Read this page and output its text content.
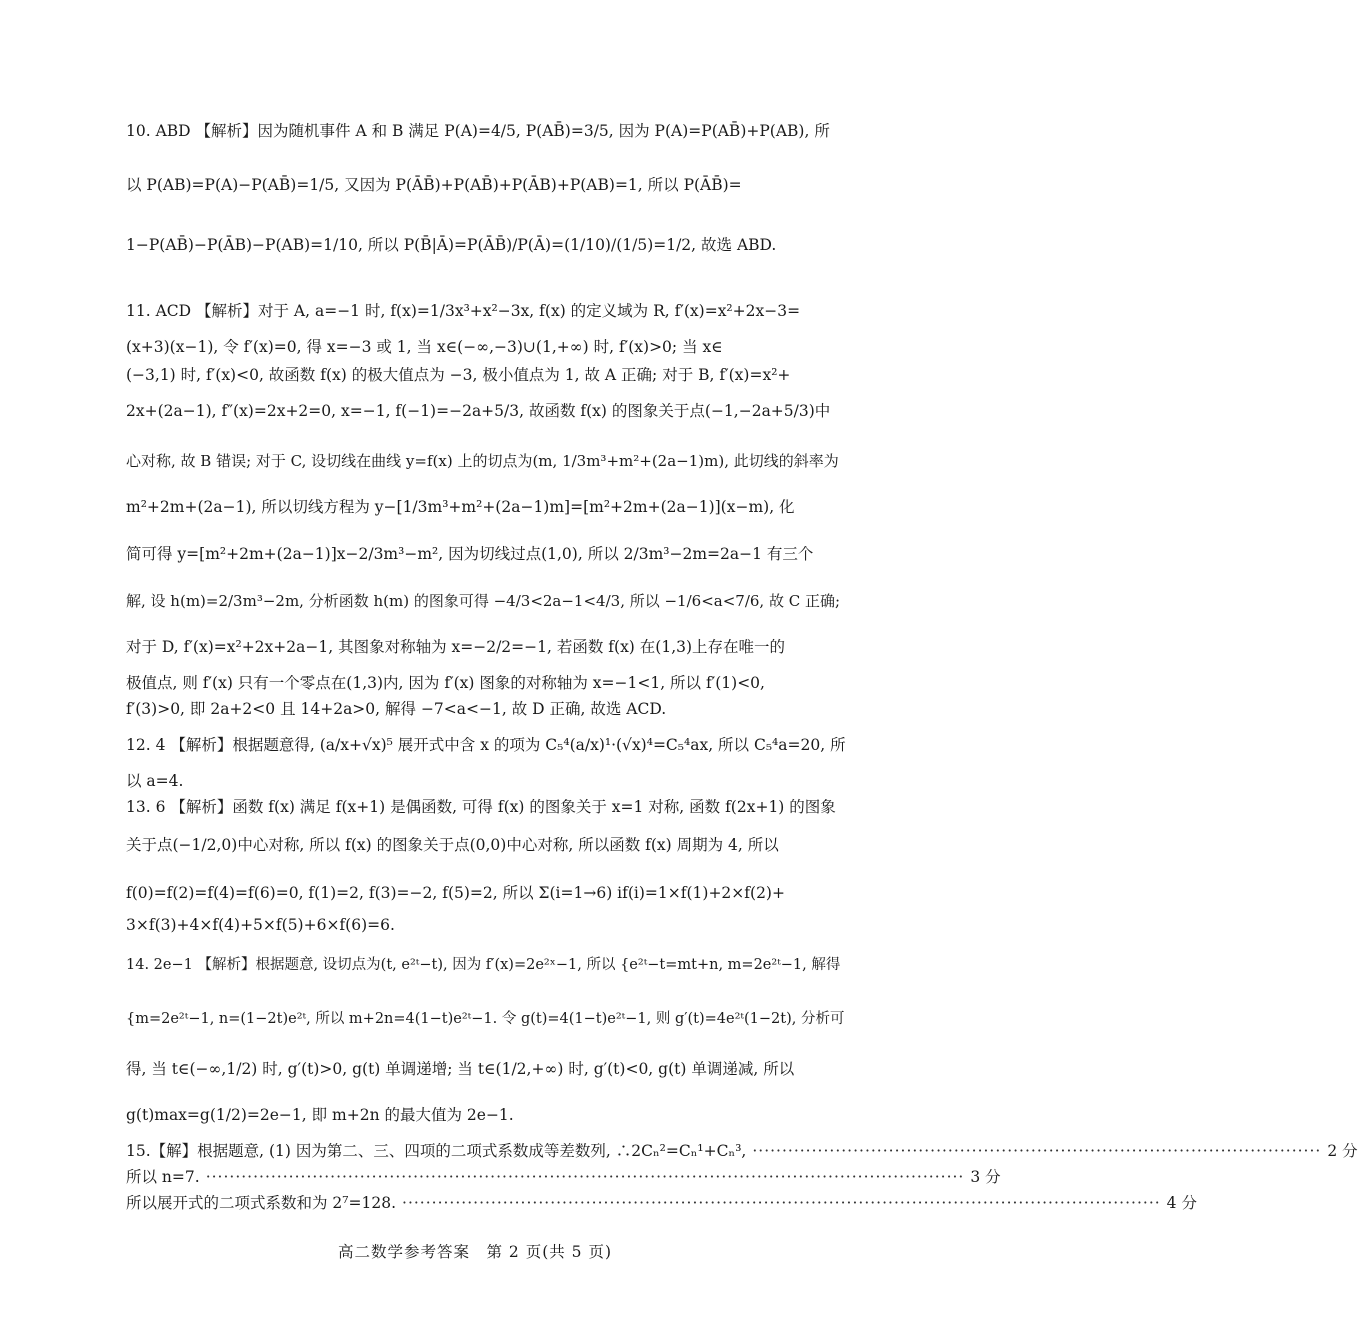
10. ABD 【解析】因为随机事件 A 和 B 满足 P(A)=4/5, P(AB̄)=3/5, 因为 P(A)=P(AB̄)+P(AB), 所
以 P(AB)=P(A)−P(AB̄)=1/5, 又因为 P(ĀB̄)+P(AB̄)+P(ĀB)+P(AB)=1, 所以 P(ĀB̄)=
1−P(AB̄)−P(ĀB)−P(AB)=1/10, 所以 P(B̄|Ā)=P(ĀB̄)/P(Ā)=(1/10)/(1/5)=1/2, 故选 ABD.
11. ACD 【解析】对于 A, a=−1 时, f(x)=1/3x³+x²−3x, f(x) 的定义域为 R, f′(x)=x²+2x−3=
(x+3)(x−1), 令 f′(x)=0, 得 x=−3 或 1, 当 x∈(−∞,−3)∪(1,+∞) 时, f′(x)>0; 当 x∈
(−3,1) 时, f′(x)<0, 故函数 f(x) 的极大值点为 −3, 极小值点为 1, 故 A 正确; 对于 B, f′(x)=x²+
2x+(2a−1), f″(x)=2x+2=0, x=−1, f(−1)=−2a+5/3, 故函数 f(x) 的图象关于点(−1,−2a+5/3)中
心对称, 故 B 错误; 对于 C, 设切线在曲线 y=f(x) 上的切点为(m, 1/3m³+m²+(2a−1)m), 此切线的斜率为
m²+2m+(2a−1), 所以切线方程为 y−[1/3m³+m²+(2a−1)m]=[m²+2m+(2a−1)](x−m), 化
简可得 y=[m²+2m+(2a−1)]x−2/3m³−m², 因为切线过点(1,0), 所以 2/3m³−2m=2a−1 有三个
解, 设 h(m)=2/3m³−2m, 分析函数 h(m) 的图象可得 −4/3<2a−1<4/3, 所以 −1/6<a<7/6, 故 C 正确;
对于 D, f′(x)=x²+2x+2a−1, 其图象对称轴为 x=−2/2=−1, 若函数 f(x) 在(1,3)上存在唯一的
极值点, 则 f′(x) 只有一个零点在(1,3)内, 因为 f′(x) 图象的对称轴为 x=−1<1, 所以 f′(1)<0,
f′(3)>0, 即 2a+2<0 且 14+2a>0, 解得 −7<a<−1, 故 D 正确, 故选 ACD.
12. 4 【解析】根据题意得, (a/x+√x)⁵ 展开式中含 x 的项为 C₅⁴(a/x)¹·(√x)⁴=C₅⁴ax, 所以 C₅⁴a=20, 所
以 a=4.
13. 6 【解析】函数 f(x) 满足 f(x+1) 是偶函数, 可得 f(x) 的图象关于 x=1 对称, 函数 f(2x+1) 的图象
关于点(−1/2,0)中心对称, 所以 f(x) 的图象关于点(0,0)中心对称, 所以函数 f(x) 周期为 4, 所以
f(0)=f(2)=f(4)=f(6)=0, f(1)=2, f(3)=−2, f(5)=2, 所以 Σ(i=1→6) if(i)=1×f(1)+2×f(2)+
3×f(3)+4×f(4)+5×f(5)+6×f(6)=6.
14. 2e−1 【解析】根据题意, 设切点为(t, e²ᵗ−t), 因为 f′(x)=2e²ˣ−1, 所以 {e²ᵗ−t=mt+n, m=2e²ᵗ−1, 解得
{m=2e²ᵗ−1, n=(1−2t)e²ᵗ, 所以 m+2n=4(1−t)e²ᵗ−1. 令 g(t)=4(1−t)e²ᵗ−1, 则 g′(t)=4e²ᵗ(1−2t), 分析可
得, 当 t∈(−∞,1/2) 时, g′(t)>0, g(t) 单调递增; 当 t∈(1/2,+∞) 时, g′(t)<0, g(t) 单调递减, 所以
g(t)max=g(1/2)=2e−1, 即 m+2n 的最大值为 2e−1.
15.【解】根据题意, (1) 因为第二、三、四项的二项式系数成等差数列, ∴2Cₙ²=Cₙ¹+Cₙ³, ································································································ 2 分
所以 n=7. ································································································································ 3 分
所以展开式的二项式系数和为 2⁷=128. ································································································································ 4 分
高二数学参考答案　第 2 页(共 5 页)
